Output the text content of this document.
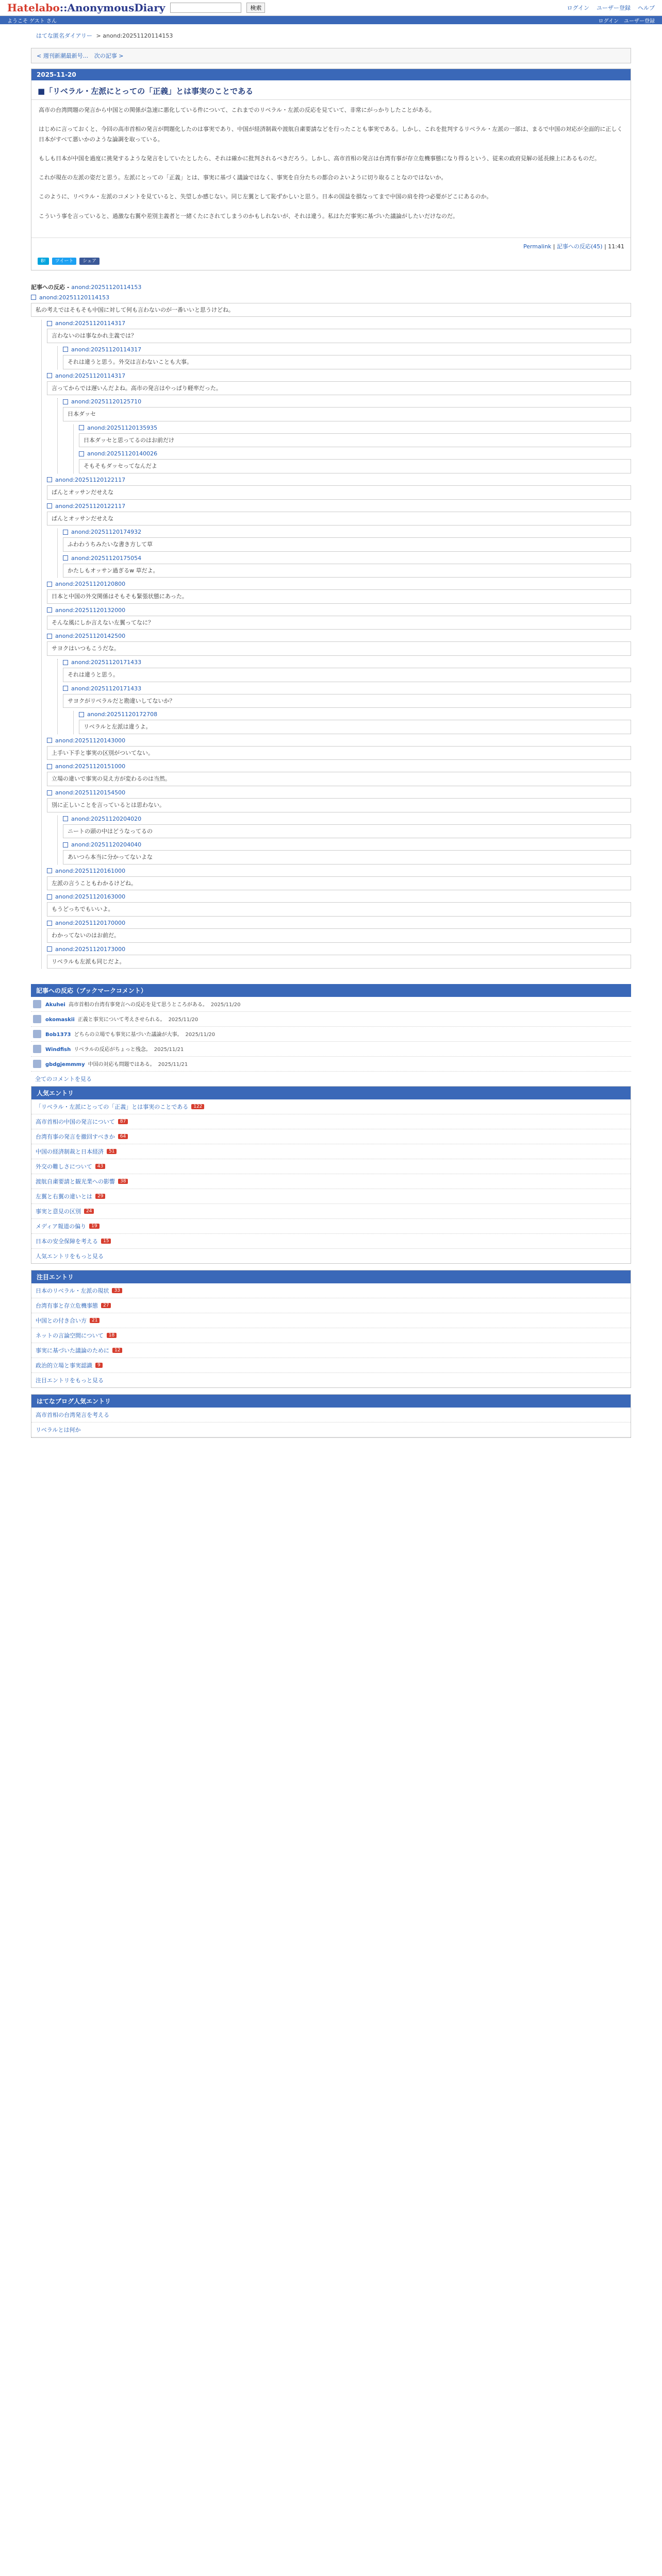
Hatelabo::AnonymousDiary	検索	ログイン ユーザー登録 ヘルプ
ようこそ ゲスト さん	ログイン ユーザー登録
はてな匿名ダイアリー > anond:20251120114153
< 週刊新潮最新号... 次の記事 >
2025-11-20
■「リベラル・左派にとっての「正義」とは事実のことである

高市の台湾問題の発言から中国との関係が急速に悪化している件について、これまでのリベラル・左派の反応を見ていて、非常にがっかりしたことがある。

はじめに言っておくと、今回の高市首相の発言が問題化したのは事実であり、中国が経済制裁や渡航自粛要請などを行ったことも事実である。しかし、これを批判するリベラル・左派の一部は、まるで中国の対応が全面的に正しく日本がすべて悪いかのような論調を取っている。

もしも日本が中国を過度に挑発するような発言をしていたとしたら、それは確かに批判されるべきだろう。しかし、高市首相の発言は台湾有事が存立危機事態になり得るという、従来の政府見解の延長線上にあるものだ。

これが現在の左派の姿だと思う。左派にとっての「正義」とは、事実に基づく議論ではなく、事実を自分たちの都合のよいように切り取ることなのではないか。

このように、リベラル・左派のコメントを見ていると、失望しか感じない。同じ左翼として恥ずかしいと思う。日本の国益を損なってまで中国の肩を持つ必要がどこにあるのか。

こういう事を言っていると、過激な右翼や差別主義者と一緒くたにされてしまうのかもしれないが、それは違う。私はただ事実に基づいた議論がしたいだけなのだ。

Permalink | 記事への反応(45) | 11:41
B!	ツイート	シェア
記事への反応 - anond:20251120114153
anond:20251120114153
私の考えではそもそも中国に対して何も言わないのが一番いいと思うけどね。
anond:20251120114317
言わないのは事なかれ主義では？
anond:20251120114317
それは違うと思う。外交は言わないことも大事。
anond:20251120114317
言ってからでは遅いんだよね。高市の発言はやっぱり軽率だった。
anond:20251120125710
日本ダッセ
anond:20251120135935
日本ダッセと思ってるのはお前だけ
anond:20251120140026
そもそもダッセってなんだよ
anond:20251120122117
ぱんとオッサンだせえな
anond:20251120122117
ぱんとオッサンだせえな
anond:20251120174932
ふわわうちみたいな書き方して草
anond:20251120175054
かたしもオッサン過ぎるw 草だよ。
anond:20251120120800
日本と中国の外交関係はそもそも緊張状態にあった。
anond:20251120132000
そんな風にしか言えない左翼ってなに？
anond:20251120142500
サヨクはいつもこうだな。
anond:20251120171433
それは違うと思う。
anond:20251120171433
サヨクがリベラルだと勘違いしてないか？
anond:20251120172708
リベラルと左派は違うよ。
anond:20251120143000
上手い下手と事実の区別がついてない。
anond:20251120151000
立場の違いで事実の見え方が変わるのは当然。
anond:20251120154500
別に正しいことを言っているとは思わない。
anond:20251120204020
ニートの頭の中はどうなってるの
anond:20251120204040
あいつら本当に分かってないよな
anond:20251120161000
左派の言うこともわかるけどね。
anond:20251120163000
もうどっちでもいいよ。
anond:20251120170000
わかってないのはお前だ。
anond:20251120173000
リベラルも左派も同じだよ。
記事への反応（ブックマークコメント）
Akuhei 高市首相の台湾有事発言への反応を見て思うところがある。 2025/11/20
okomaskii 正義と事実について考えさせられる。 2025/11/20
Bob1373 どちらの立場でも事実に基づいた議論が大事。 2025/11/20
Windfish リベラルの反応がちょっと残念。 2025/11/21
gbdgjemmmy 中国の対応も問題ではある。 2025/11/21
全てのコメントを見る
人気エントリ
「リベラル・左派にとっての「正義」とは事実のことである	122
高市首相の中国の発言について	87
台湾有事の発言を撤回すべきか	64
中国の経済制裁と日本経済	51
外交の難しさについて	43
渡航自粛要請と観光業への影響	38
左翼と右翼の違いとは	29
事実と意見の区別	24
メディア報道の偏り	19
日本の安全保障を考える	15
人気エントリをもっと見る
注目エントリ
日本のリベラル・左派の現状	33
台湾有事と存立危機事態	27
中国との付き合い方	21
ネットの言論空間について	18
事実に基づいた議論のために	12
政治的立場と事実認識	9
注目エントリをもっと見る
はてなブログ人気エントリ
高市首相の台湾発言を考える
リベラルとは何か
